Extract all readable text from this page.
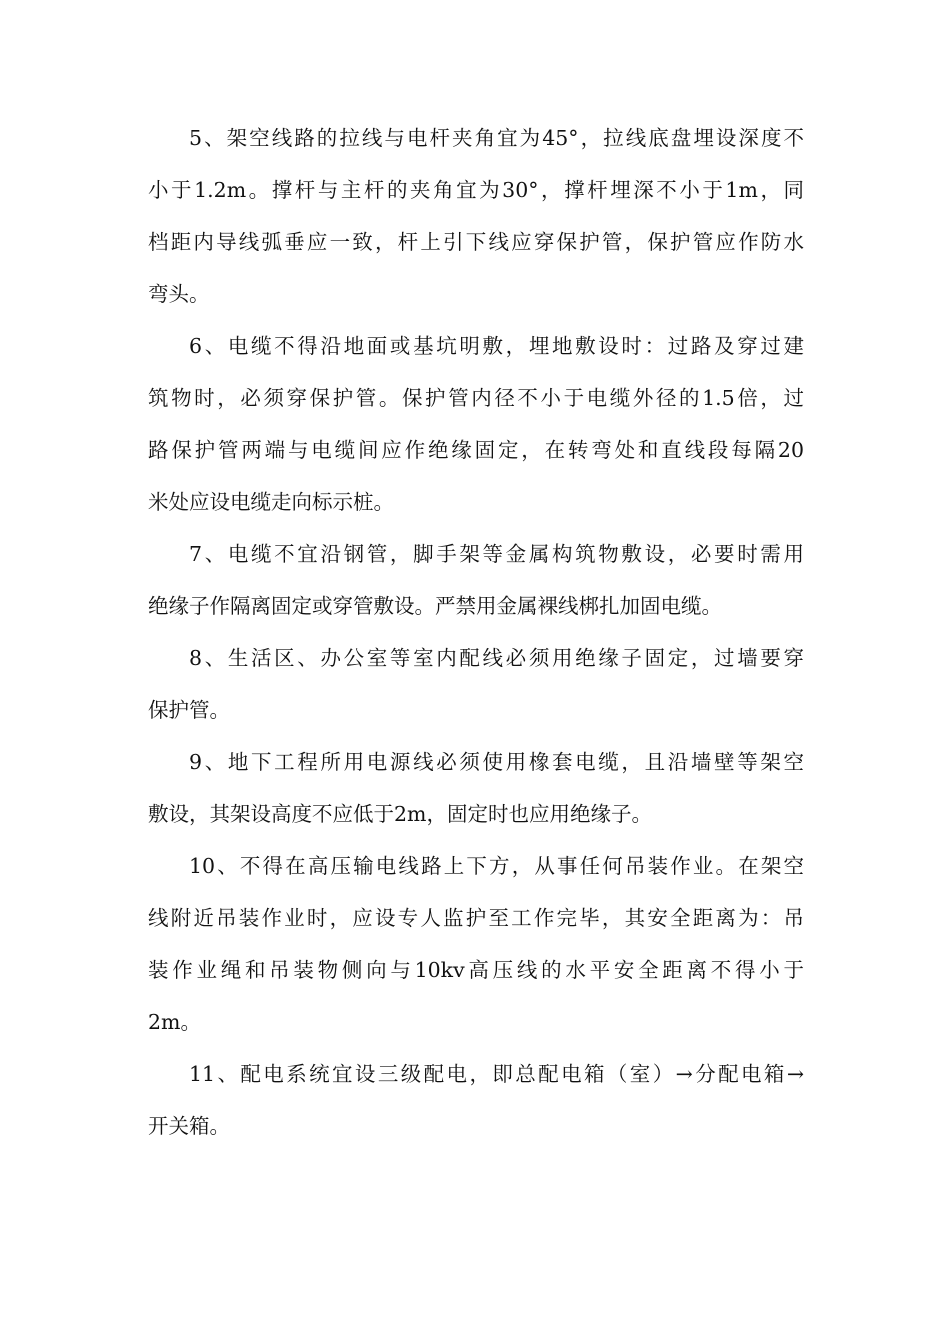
5、架空线路的拉线与电杆夹角宜为45°，拉线底盘埋设深度不
小于1.2m。撑杆与主杆的夹角宜为30°，撑杆埋深不小于1m，同
档距内导线弧垂应一致，杆上引下线应穿保护管，保护管应作防水
弯头。
6、电缆不得沿地面或基坑明敷，埋地敷设时：过路及穿过建
筑物时，必须穿保护管。保护管内径不小于电缆外径的1.5倍，过
路保护管两端与电缆间应作绝缘固定，在转弯处和直线段每隔20
米处应设电缆走向标示桩。
7、电缆不宜沿钢管，脚手架等金属构筑物敷设，必要时需用
绝缘子作隔离固定或穿管敷设。严禁用金属裸线梆扎加固电缆。
8、生活区、办公室等室内配线必须用绝缘子固定，过墙要穿
保护管。
9、地下工程所用电源线必须使用橡套电缆，且沿墙壁等架空
敷设，其架设高度不应低于2m，固定时也应用绝缘子。
10、不得在高压输电线路上下方，从事任何吊装作业。在架空
线附近吊装作业时，应设专人监护至工作完毕，其安全距离为：吊
装作业绳和吊装物侧向与10kv高压线的水平安全距离不得小于
2m。
11、配电系统宜设三级配电，即总配电箱（室）→分配电箱→
开关箱。
